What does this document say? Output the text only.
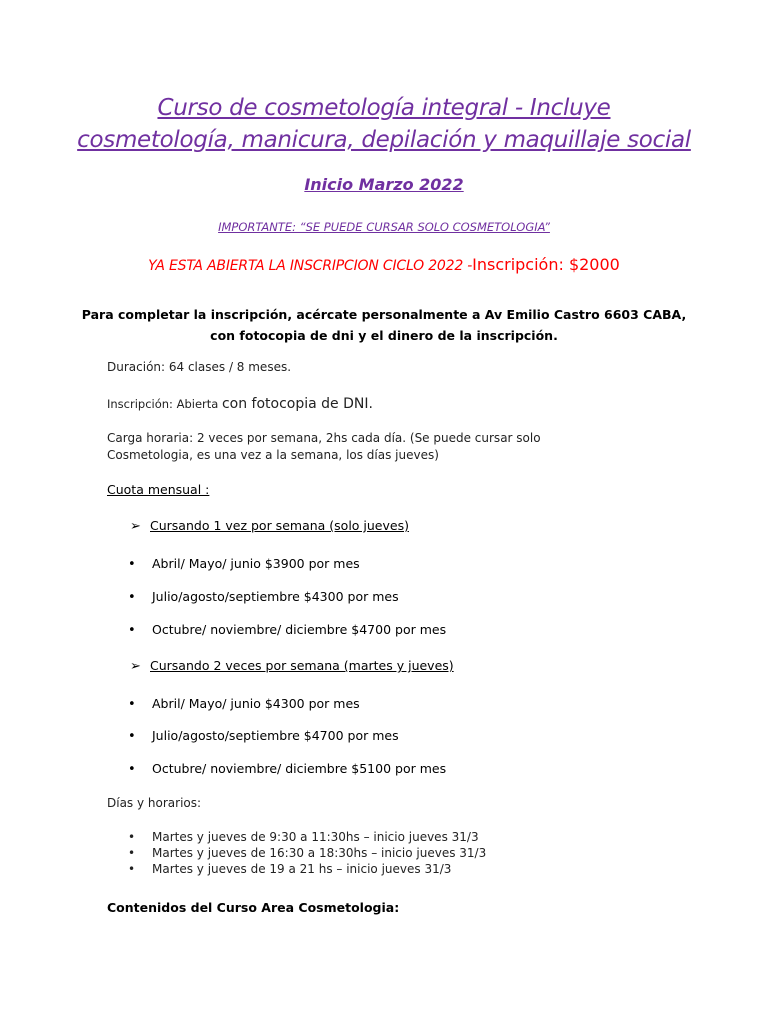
Curso de cosmetología integral - Incluye
cosmetología, manicura, depilación y maquillaje social
Inicio Marzo 2022
IMPORTANTE: “SE PUEDE CURSAR SOLO COSMETOLOGIA”
YA ESTA ABIERTA LA INSCRIPCION CICLO 2022 -Inscripción: $2000
Para completar la inscripción, acércate personalmente a Av Emilio Castro 6603 CABA,
con fotocopia de dni y el dinero de la inscripción.
Duración: 64 clases / 8 meses.
Inscripción: Abierta con fotocopia de DNI.
Carga horaria: 2 veces por semana, 2hs cada día. (Se puede cursar solo
Cosmetologia, es una vez a la semana, los días jueves)
Cuota mensual :
➢ Cursando 1 vez por semana (solo jueves)
• Abril/ Mayo/ junio $3900 por mes
• Julio/agosto/septiembre $4300 por mes
• Octubre/ noviembre/ diciembre $4700 por mes
➢ Cursando 2 veces por semana (martes y jueves)
• Abril/ Mayo/ junio $4300 por mes
• Julio/agosto/septiembre $4700 por mes
• Octubre/ noviembre/ diciembre $5100 por mes
Días y horarios:
• Martes y jueves de 9:30 a 11:30hs – inicio jueves 31/3
• Martes y jueves de 16:30 a 18:30hs – inicio jueves 31/3
• Martes y jueves de 19 a 21 hs – inicio jueves 31/3
Contenidos del Curso Area Cosmetologia:
